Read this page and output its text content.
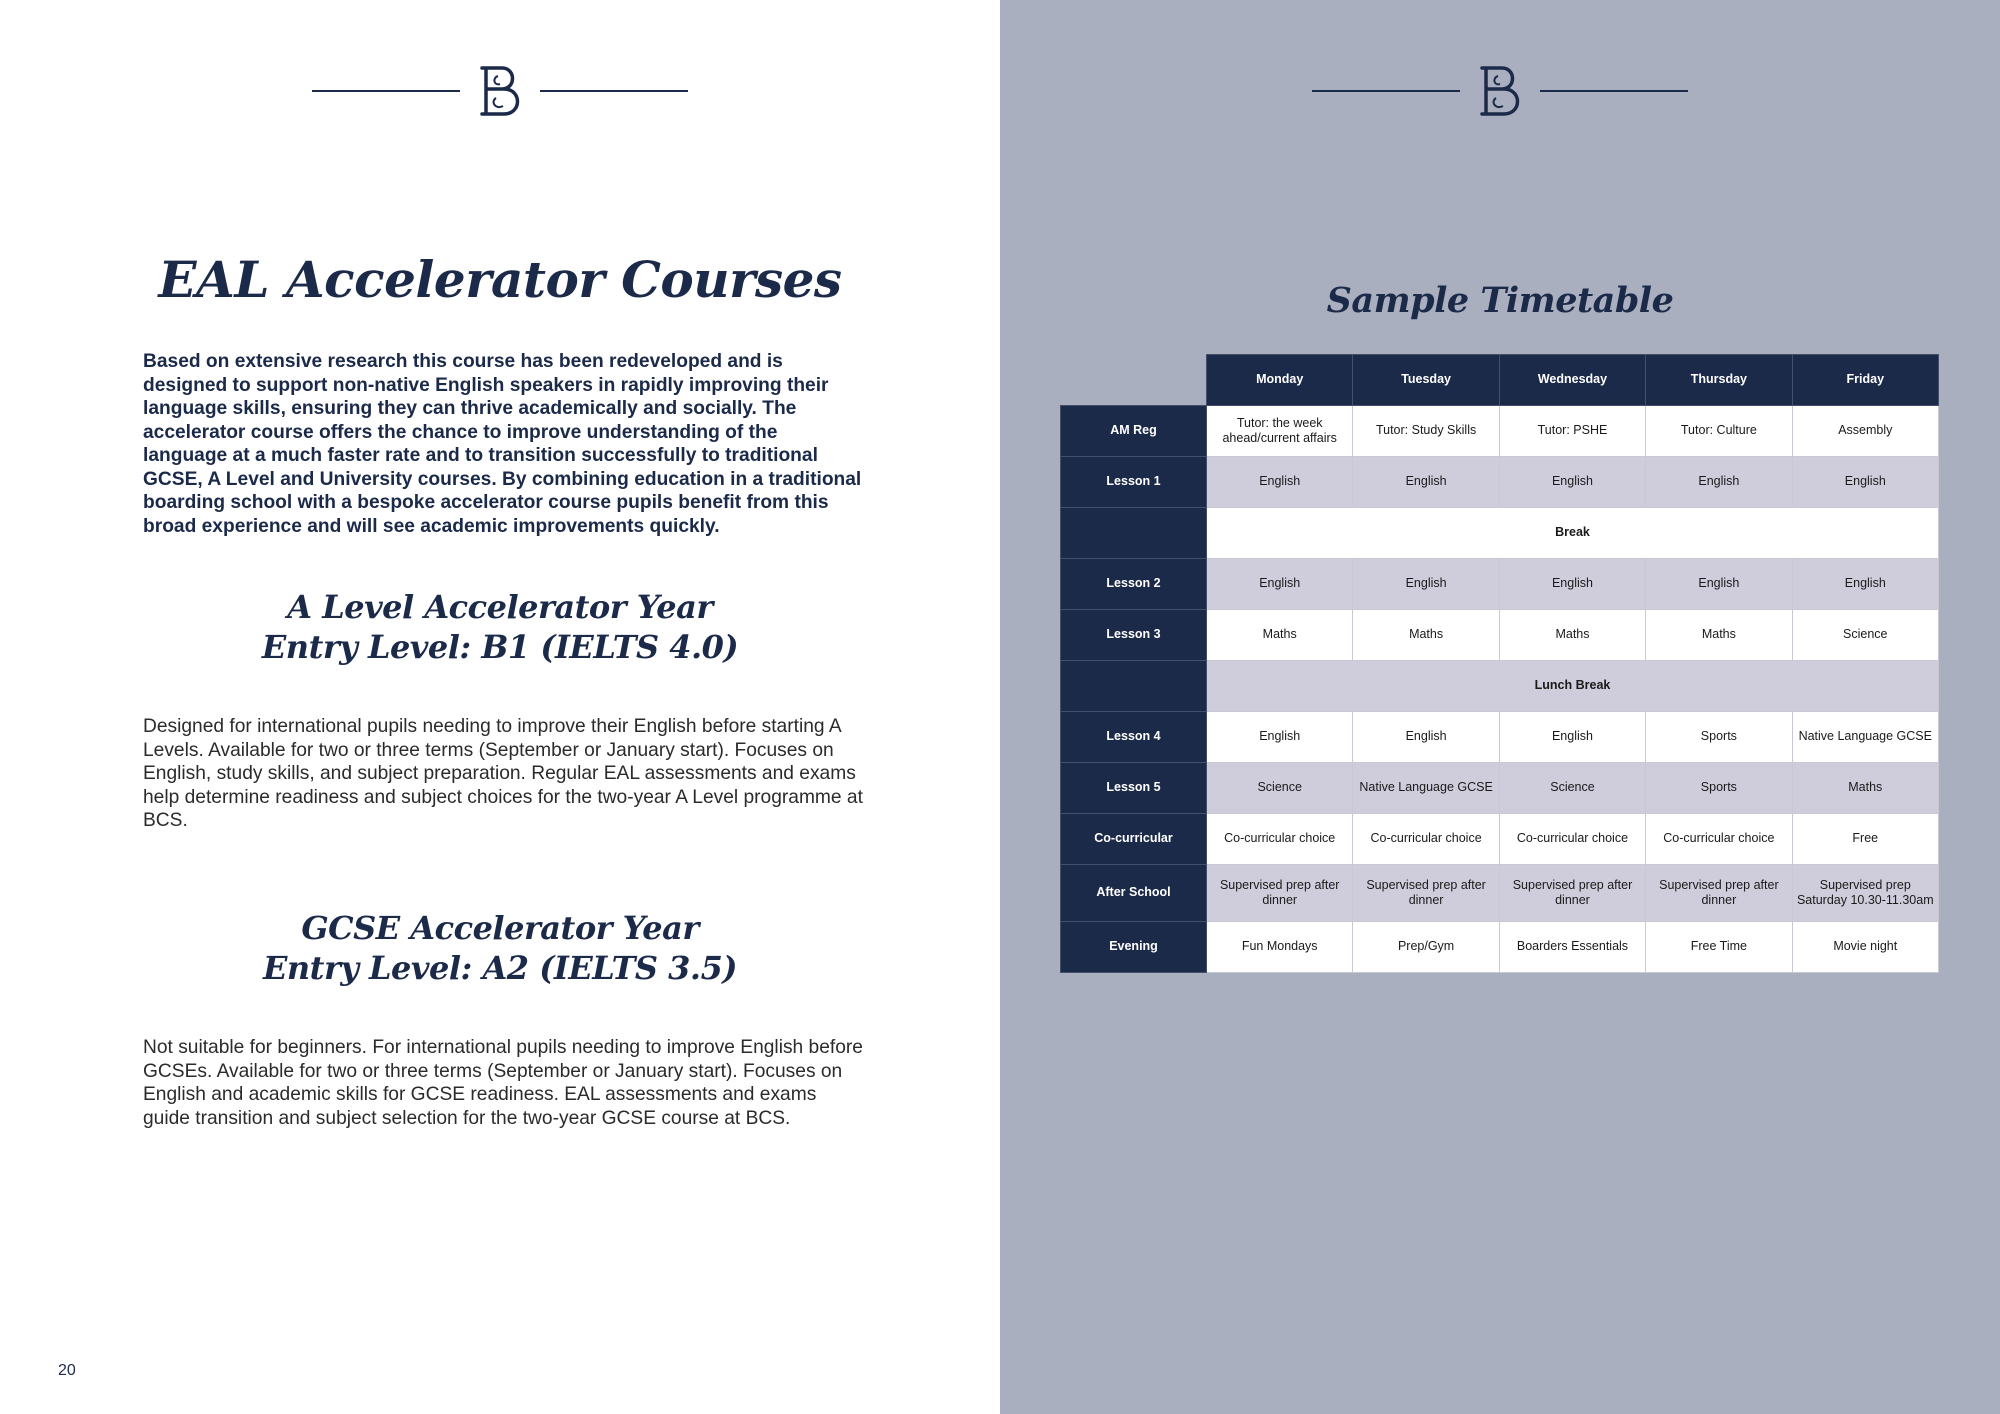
EAL Accelerator Courses

Based on extensive research this course has been redeveloped and is designed to support non-native English speakers in rapidly improving their language skills, ensuring they can thrive academically and socially. The accelerator course offers the chance to improve understanding of the language at a much faster rate and to transition successfully to traditional GCSE, A Level and University courses. By combining education in a traditional boarding school with a bespoke accelerator course pupils benefit from this broad experience and will see academic improvements quickly.

A Level Accelerator Year
Entry Level: B1 (IELTS 4.0)

Designed for international pupils needing to improve their English before starting A Levels. Available for two or three terms (September or January start). Focuses on English, study skills, and subject preparation. Regular EAL assessments and exams help determine readiness and subject choices for the two-year A Level programme at BCS.

GCSE Accelerator Year
Entry Level: A2 (IELTS 3.5)

Not suitable for beginners. For international pupils needing to improve English before GCSEs. Available for two or three terms (September or January start). Focuses on English and academic skills for GCSE readiness. EAL assessments and exams guide transition and subject selection for the two-year GCSE course at BCS.

20
Sample Timetable
	Monday	Tuesday	Wednesday	Thursday	Friday
AM Reg	Tutor: the week ahead/current affairs	Tutor: Study Skills	Tutor: PSHE	Tutor: Culture	Assembly
Lesson 1	English	English	English	English	English
	Break				
Lesson 2	English	English	English	English	English
Lesson 3	Maths	Maths	Maths	Maths	Science
	Lunch Break				
Lesson 4	English	English	English	Sports	Native Language GCSE
Lesson 5	Science	Native Language GCSE	Science	Sports	Maths
Co-curricular	Co-curricular choice	Co-curricular choice	Co-curricular choice	Co-curricular choice	Free
After School	Supervised prep after dinner	Supervised prep after dinner	Supervised prep after dinner	Supervised prep after dinner	Supervised prep Saturday 10.30-11.30am
Evening	Fun Mondays	Prep/Gym	Boarders Essentials	Free Time	Movie night
